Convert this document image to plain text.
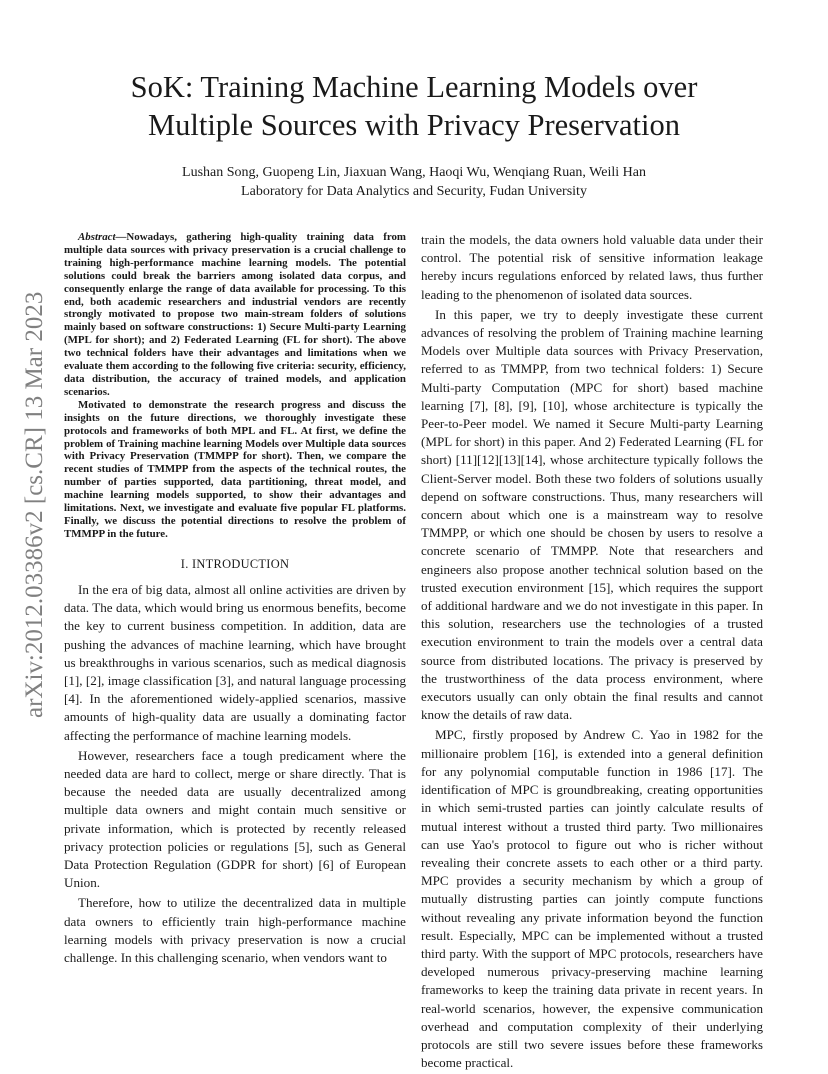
arXiv:2012.03386v2 [cs.CR] 13 Mar 2023
SoK: Training Machine Learning Models over
Multiple Sources with Privacy Preservation
Lushan Song, Guopeng Lin, Jiaxuan Wang, Haoqi Wu, Wenqiang Ruan, Weili Han
Laboratory for Data Analytics and Security, Fudan University

Abstract—Nowadays, gathering high-quality training data from multiple data sources with privacy preservation is a crucial challenge to training high-performance machine learning models. The potential solutions could break the barriers among isolated data corpus, and consequently enlarge the range of data available for processing. To this end, both academic researchers and industrial vendors are recently strongly motivated to propose two main-stream folders of solutions mainly based on software constructions: 1) Secure Multi-party Learning (MPL for short); and 2) Federated Learning (FL for short). The above two technical folders have their advantages and limitations when we evaluate them according to the following five criteria: security, efficiency, data distribution, the accuracy of trained models, and application scenarios.

Motivated to demonstrate the research progress and discuss the insights on the future directions, we thoroughly investigate these protocols and frameworks of both MPL and FL. At first, we define the problem of Training machine learning Models over Multiple data sources with Privacy Preservation (TMMPP for short). Then, we compare the recent studies of TMMPP from the aspects of the technical routes, the number of parties supported, data partitioning, threat model, and machine learning models supported, to show their advantages and limitations. Next, we investigate and evaluate five popular FL platforms. Finally, we discuss the potential directions to resolve the problem of TMMPP in the future.

I. INTRODUCTION

In the era of big data, almost all online activities are driven by data. The data, which would bring us enormous benefits, become the key to current business competition. In addition, data are pushing the advances of machine learning, which have brought us breakthroughs in various scenarios, such as medical diagnosis [1], [2], image classification [3], and natural language processing [4]. In the aforementioned widely-applied scenarios, massive amounts of high-quality data are usually a dominating factor affecting the performance of machine learning models.

However, researchers face a tough predicament where the needed data are hard to collect, merge or share directly. That is because the needed data are usually decentralized among multiple data owners and might contain much sensitive or private information, which is protected by recently released privacy protection policies or regulations [5], such as General Data Protection Regulation (GDPR for short) [6] of European Union.

Therefore, how to utilize the decentralized data in multiple data owners to efficiently train high-performance machine learning models with privacy preservation is now a crucial challenge. In this challenging scenario, when vendors want to

train the models, the data owners hold valuable data under their control. The potential risk of sensitive information leakage hereby incurs regulations enforced by related laws, thus further leading to the phenomenon of isolated data sources.

In this paper, we try to deeply investigate these current advances of resolving the problem of Training machine learning Models over Multiple data sources with Privacy Preservation, referred to as TMMPP, from two technical folders: 1) Secure Multi-party Computation (MPC for short) based machine learning [7], [8], [9], [10], whose architecture is typically the Peer-to-Peer model. We named it Secure Multi-party Learning (MPL for short) in this paper. And 2) Federated Learning (FL for short) [11][12][13][14], whose architecture typically follows the Client-Server model. Both these two folders of solutions usually depend on software constructions. Thus, many researchers will concern about which one is a mainstream way to resolve TMMPP, or which one should be chosen by users to resolve a concrete scenario of TMMPP. Note that researchers and engineers also propose another technical solution based on the trusted execution environment [15], which requires the support of additional hardware and we do not investigate in this paper. In this solution, researchers use the technologies of a trusted execution environment to train the models over a central data source from distributed locations. The privacy is preserved by the trustworthiness of the data process environment, where executors usually can only obtain the final results and cannot know the details of raw data.

MPC, firstly proposed by Andrew C. Yao in 1982 for the millionaire problem [16], is extended into a general definition for any polynomial computable function in 1986 [17]. The identification of MPC is groundbreaking, creating opportunities in which semi-trusted parties can jointly calculate results of mutual interest without a trusted third party. Two millionaires can use Yao's protocol to figure out who is richer without revealing their concrete assets to each other or a third party. MPC provides a security mechanism by which a group of mutually distrusting parties can jointly compute functions without revealing any private information beyond the function result. Especially, MPC can be implemented without a trusted third party. With the support of MPC protocols, researchers have developed numerous privacy-preserving machine learning frameworks to keep the training data private in recent years. In real-world scenarios, however, the expensive communication overhead and computation complexity of their underlying protocols are still two severe issues before these frameworks become practical.
